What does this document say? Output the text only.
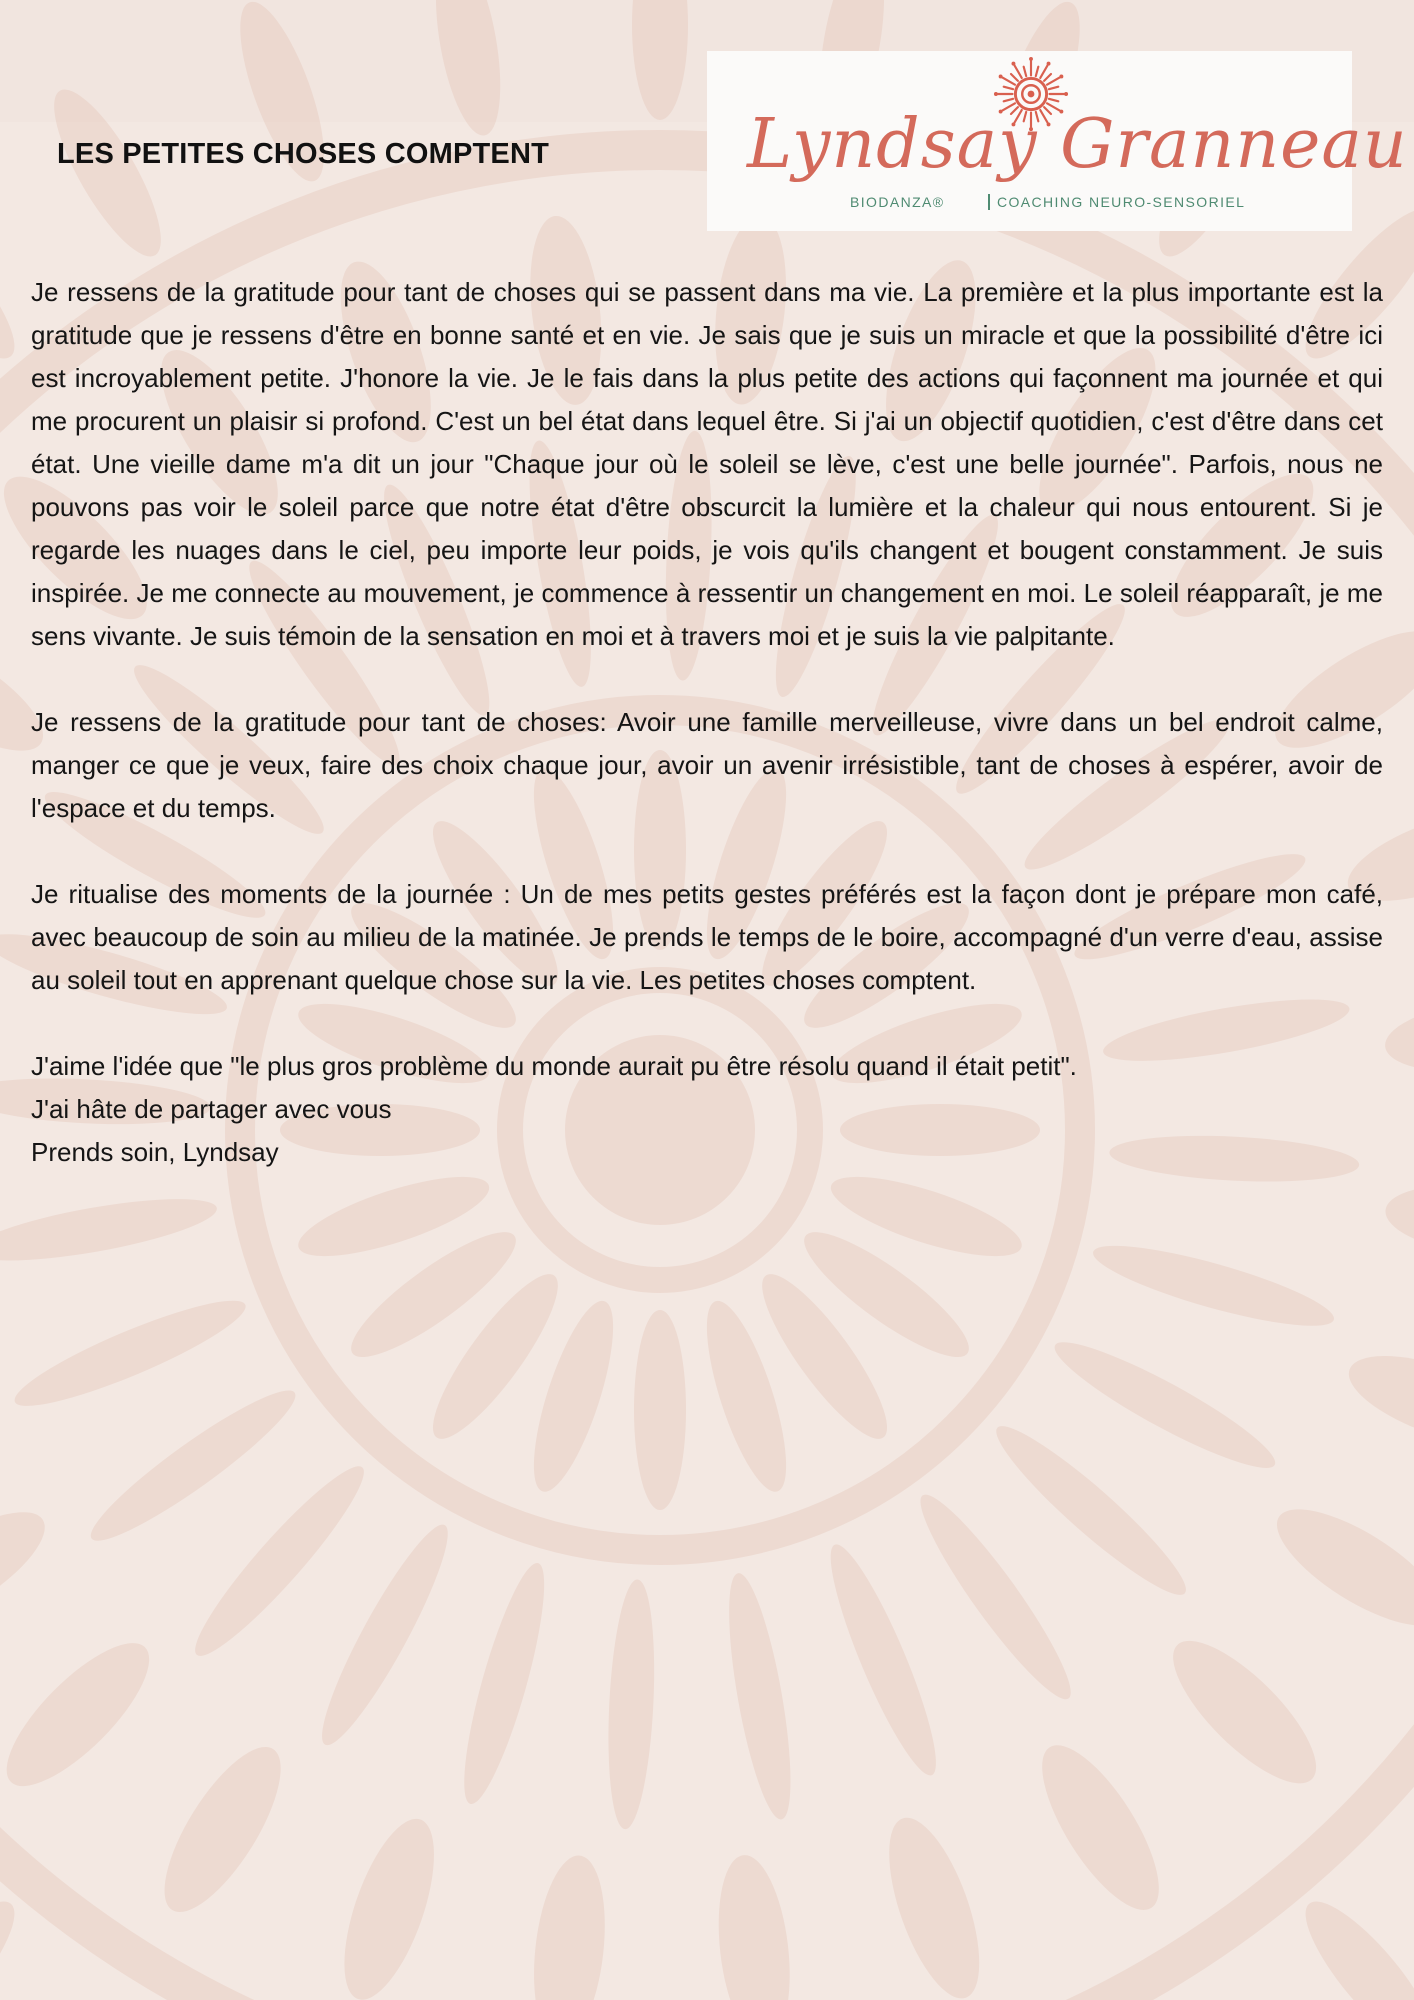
LES PETITES CHOSES COMPTENT	Lyndsay Granneau
BIODANZA®	COACHING NEURO-SENSORIEL

Je ressens de la gratitude pour tant de choses qui se passent dans ma vie. La première et la plus importante est la gratitude que je ressens d'être en bonne santé et en vie. Je sais que je suis un miracle et que la possibilité d'être ici est incroyablement petite. J'honore la vie. Je le fais dans la plus petite des actions qui façonnent ma journée et qui me procurent un plaisir si profond. C'est un bel état dans lequel être. Si j'ai un objectif quotidien, c'est d'être dans cet état. Une vieille dame m'a dit un jour "Chaque jour où le soleil se lève, c'est une belle journée". Parfois, nous ne pouvons pas voir le soleil parce que notre état d'être obscurcit la lumière et la chaleur qui nous entourent. Si je regarde les nuages dans le ciel, peu importe leur poids, je vois qu'ils changent et bougent constamment. Je suis inspirée. Je me connecte au mouvement, je commence à ressentir un changement en moi. Le soleil réapparaît, je me sens vivante. Je suis témoin de la sensation en moi et à travers moi et je suis la vie palpitante.

Je ressens de la gratitude pour tant de choses: Avoir une famille merveilleuse, vivre dans un bel endroit calme, manger ce que je veux, faire des choix chaque jour, avoir un avenir irrésistible, tant de choses à espérer, avoir de l'espace et du temps.

Je ritualise des moments de la journée : Un de mes petits gestes préférés est la façon dont je prépare mon café, avec beaucoup de soin au milieu de la matinée. Je prends le temps de le boire, accompagné d'un verre d'eau, assise au soleil tout en apprenant quelque chose sur la vie. Les petites choses comptent.

J'aime l'idée que "le plus gros problème du monde aurait pu être résolu quand il était petit".
J'ai hâte de partager avec vous
Prends soin, Lyndsay
